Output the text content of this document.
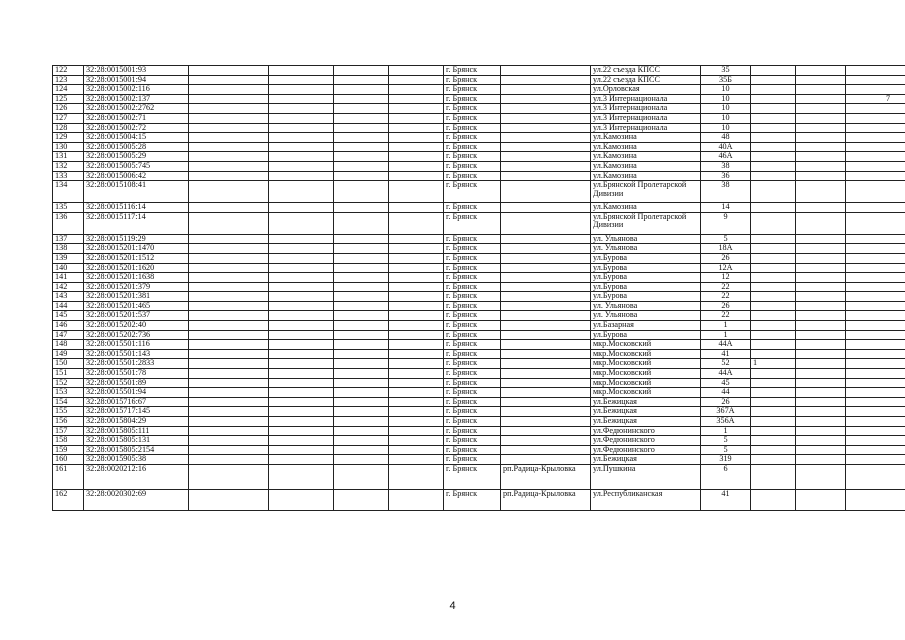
122	32:28:0015001:93					г. Брянск		ул.22 съезда КПСС	35			
123	32:28:0015001:94					г. Брянск		ул.22 съезда КПСС	35Б			
124	32:28:0015002:116					г. Брянск		ул.Орловская	10			
125	32:28:0015002:137					г. Брянск		ул.3 Интернационала	10			7
126	32:28:0015002:2762					г. Брянск		ул.3 Интернационала	10			
127	32:28:0015002:71					г. Брянск		ул.3 Интернационала	10			
128	32:28:0015002:72					г. Брянск		ул.3 Интернационала	10			
129	32:28:0015004:15					г. Брянск		ул.Камозина	48			
130	32:28:0015005:28					г. Брянск		ул.Камозина	40А			
131	32:28:0015005:29					г. Брянск		ул.Камозина	46А			
132	32:28:0015005:745					г. Брянск		ул.Камозина	38			
133	32:28:0015006:42					г. Брянск		ул.Камозина	36			
134	32:28:0015108:41					г. Брянск		ул.Брянской Пролетарской Дивизии	38			
135	32:28:0015116:14					г. Брянск		ул.Камозина	14			
136	32:28:0015117:14					г. Брянск		ул.Брянской Пролетарской Дивизии	9			
137	32:28:0015119:29					г. Брянск		ул. Ульянова	5			
138	32:28:0015201:1470					г. Брянск		ул. Ульянова	18А			
139	32:28:0015201:1512					г. Брянск		ул.Бурова	26			
140	32:28:0015201:1620					г. Брянск		ул.Бурова	12А			
141	32:28:0015201:1638					г. Брянск		ул.Бурова	12			
142	32:28:0015201:379					г. Брянск		ул.Бурова	22			
143	32:28:0015201:381					г. Брянск		ул.Бурова	22			
144	32:28:0015201:465					г. Брянск		ул. Ульянова	26			
145	32:28:0015201:537					г. Брянск		ул. Ульянова	22			
146	32:28:0015202:40					г. Брянск		ул.Базарная	1			
147	32:28:0015202:736					г. Брянск		ул.Бурова	1			
148	32:28:0015501:116					г. Брянск		мкр.Московский	44А			
149	32:28:0015501:143					г. Брянск		мкр.Московский	41			
150	32:28:0015501:2833					г. Брянск		мкр.Московский	52	1		
151	32:28:0015501:78					г. Брянск		мкр.Московский	44А			
152	32:28:0015501:89					г. Брянск		мкр.Московский	45			
153	32:28:0015501:94					г. Брянск		мкр.Московский	44			
154	32:28:0015716:67					г. Брянск		ул.Бежицкая	26			
155	32:28:0015717:145					г. Брянск		ул.Бежицкая	367А			
156	32:28:0015804:29					г. Брянск		ул.Бежицкая	356А			
157	32:28:0015805:111					г. Брянск		ул.Федюнинского	1			
158	32:28:0015805:131					г. Брянск		ул.Федюнинского	5			
159	32:28:0015805:2154					г. Брянск		ул.Федюнинского	5			
160	32:28:0015905:38					г. Брянск		ул.Бежицкая	319			
161	32:28:0020212:16					г. Брянск	рп.Радица-Крыловка	ул.Пушкина	6			
162	32:28:0020302:69					г. Брянск	рп.Радица-Крыловка	ул.Республиканская	41			
4
